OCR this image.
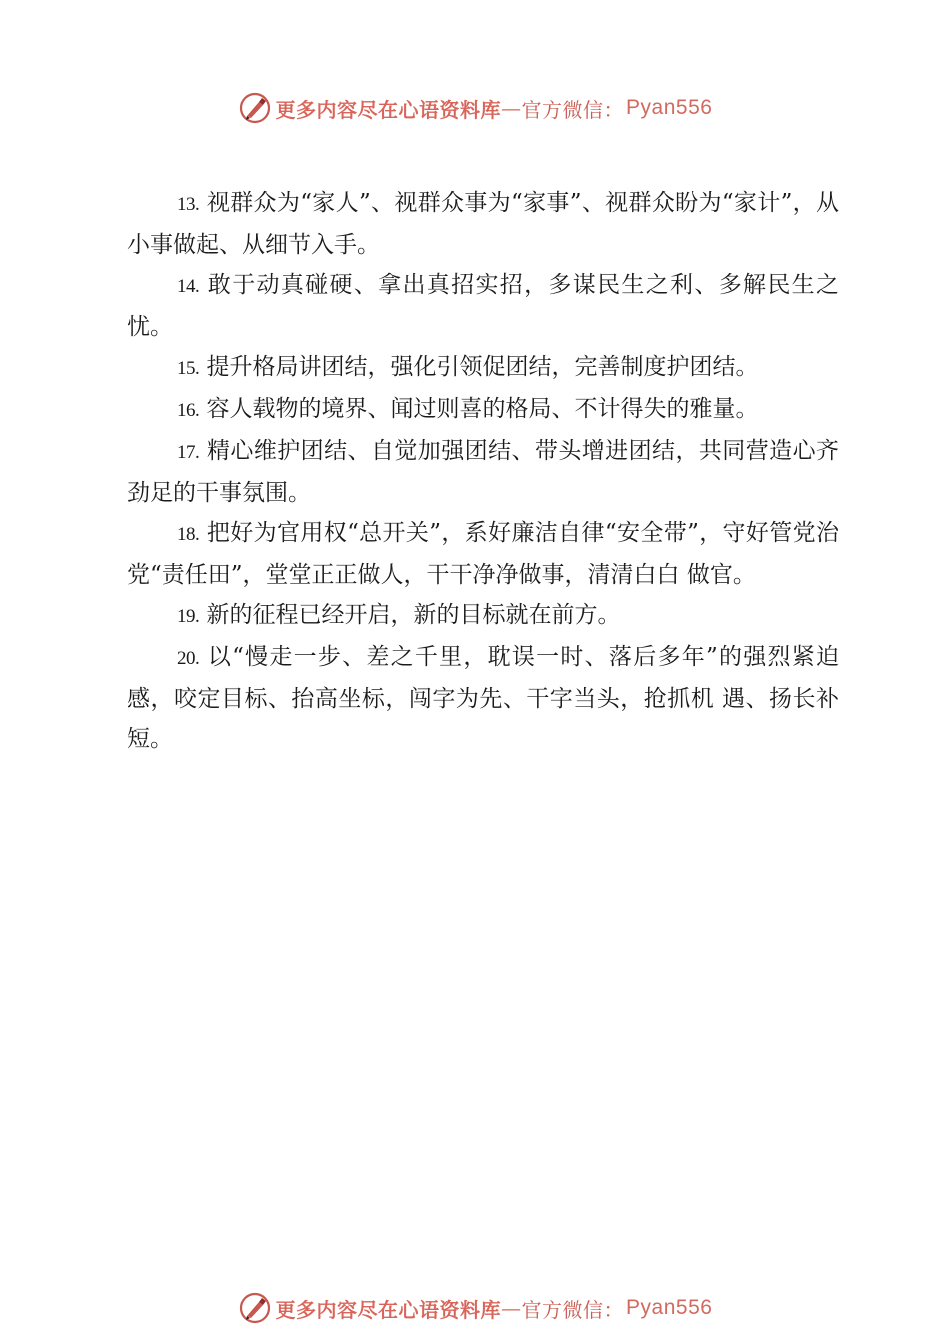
更多内容尽在心语资料库 — 官方微信： Pyan556

13. 视群众为“家人”、视群众事为“家事”、视群众盼为“家计”，从小事做起、从细节入手。

14. 敢于动真碰硬、拿出真招实招，多谋民生之利、多解民生之忧。

15. 提升格局讲团结，强化引领促团结，完善制度护团结。

16. 容人载物的境界、闻过则喜的格局、不计得失的雅量。

17. 精心维护团结、自觉加强团结、带头增进团结，共同营造心齐劲足的干事氛围。

18. 把好为官用权“总开关”，系好廉洁自律“安全带”，守好管党治党“责任田”，堂堂正正做人，干干净净做事，清清白白 做官。

19. 新的征程已经开启，新的目标就在前方。

20. 以“慢走一步、差之千里，耽误一时、落后多年”的强烈紧迫感，咬定目标、抬高坐标，闯字为先、干字当头，抢抓机 遇、扬长补短。

更多内容尽在心语资料库 — 官方微信： Pyan556
